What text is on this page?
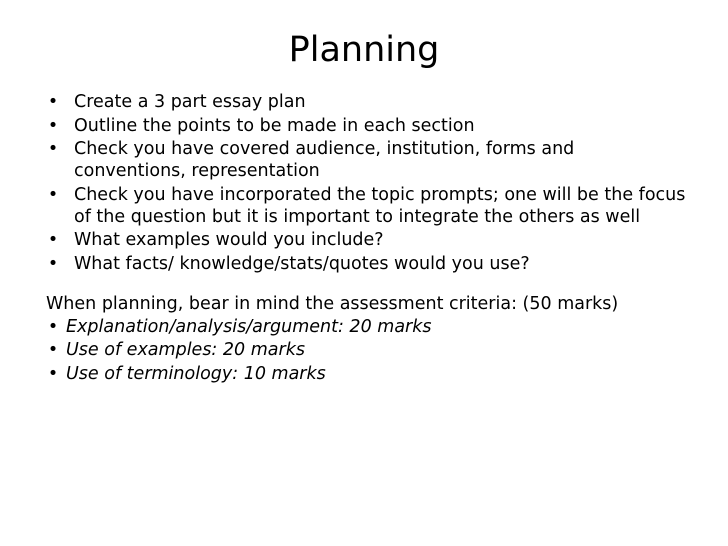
Planning
• Create a 3 part essay plan
• Outline the points to be made in each section
• Check you have covered audience, institution, forms and conventions, representation
• Check you have incorporated the topic prompts; one will be the focus of the question but it is important to integrate the others as well
• What examples would you include?
• What facts/ knowledge/stats/quotes would you use?

When planning, bear in mind the assessment criteria: (50 marks)

• Explanation/analysis/argument: 20 marks
• Use of examples: 20 marks
• Use of terminology: 10 marks
